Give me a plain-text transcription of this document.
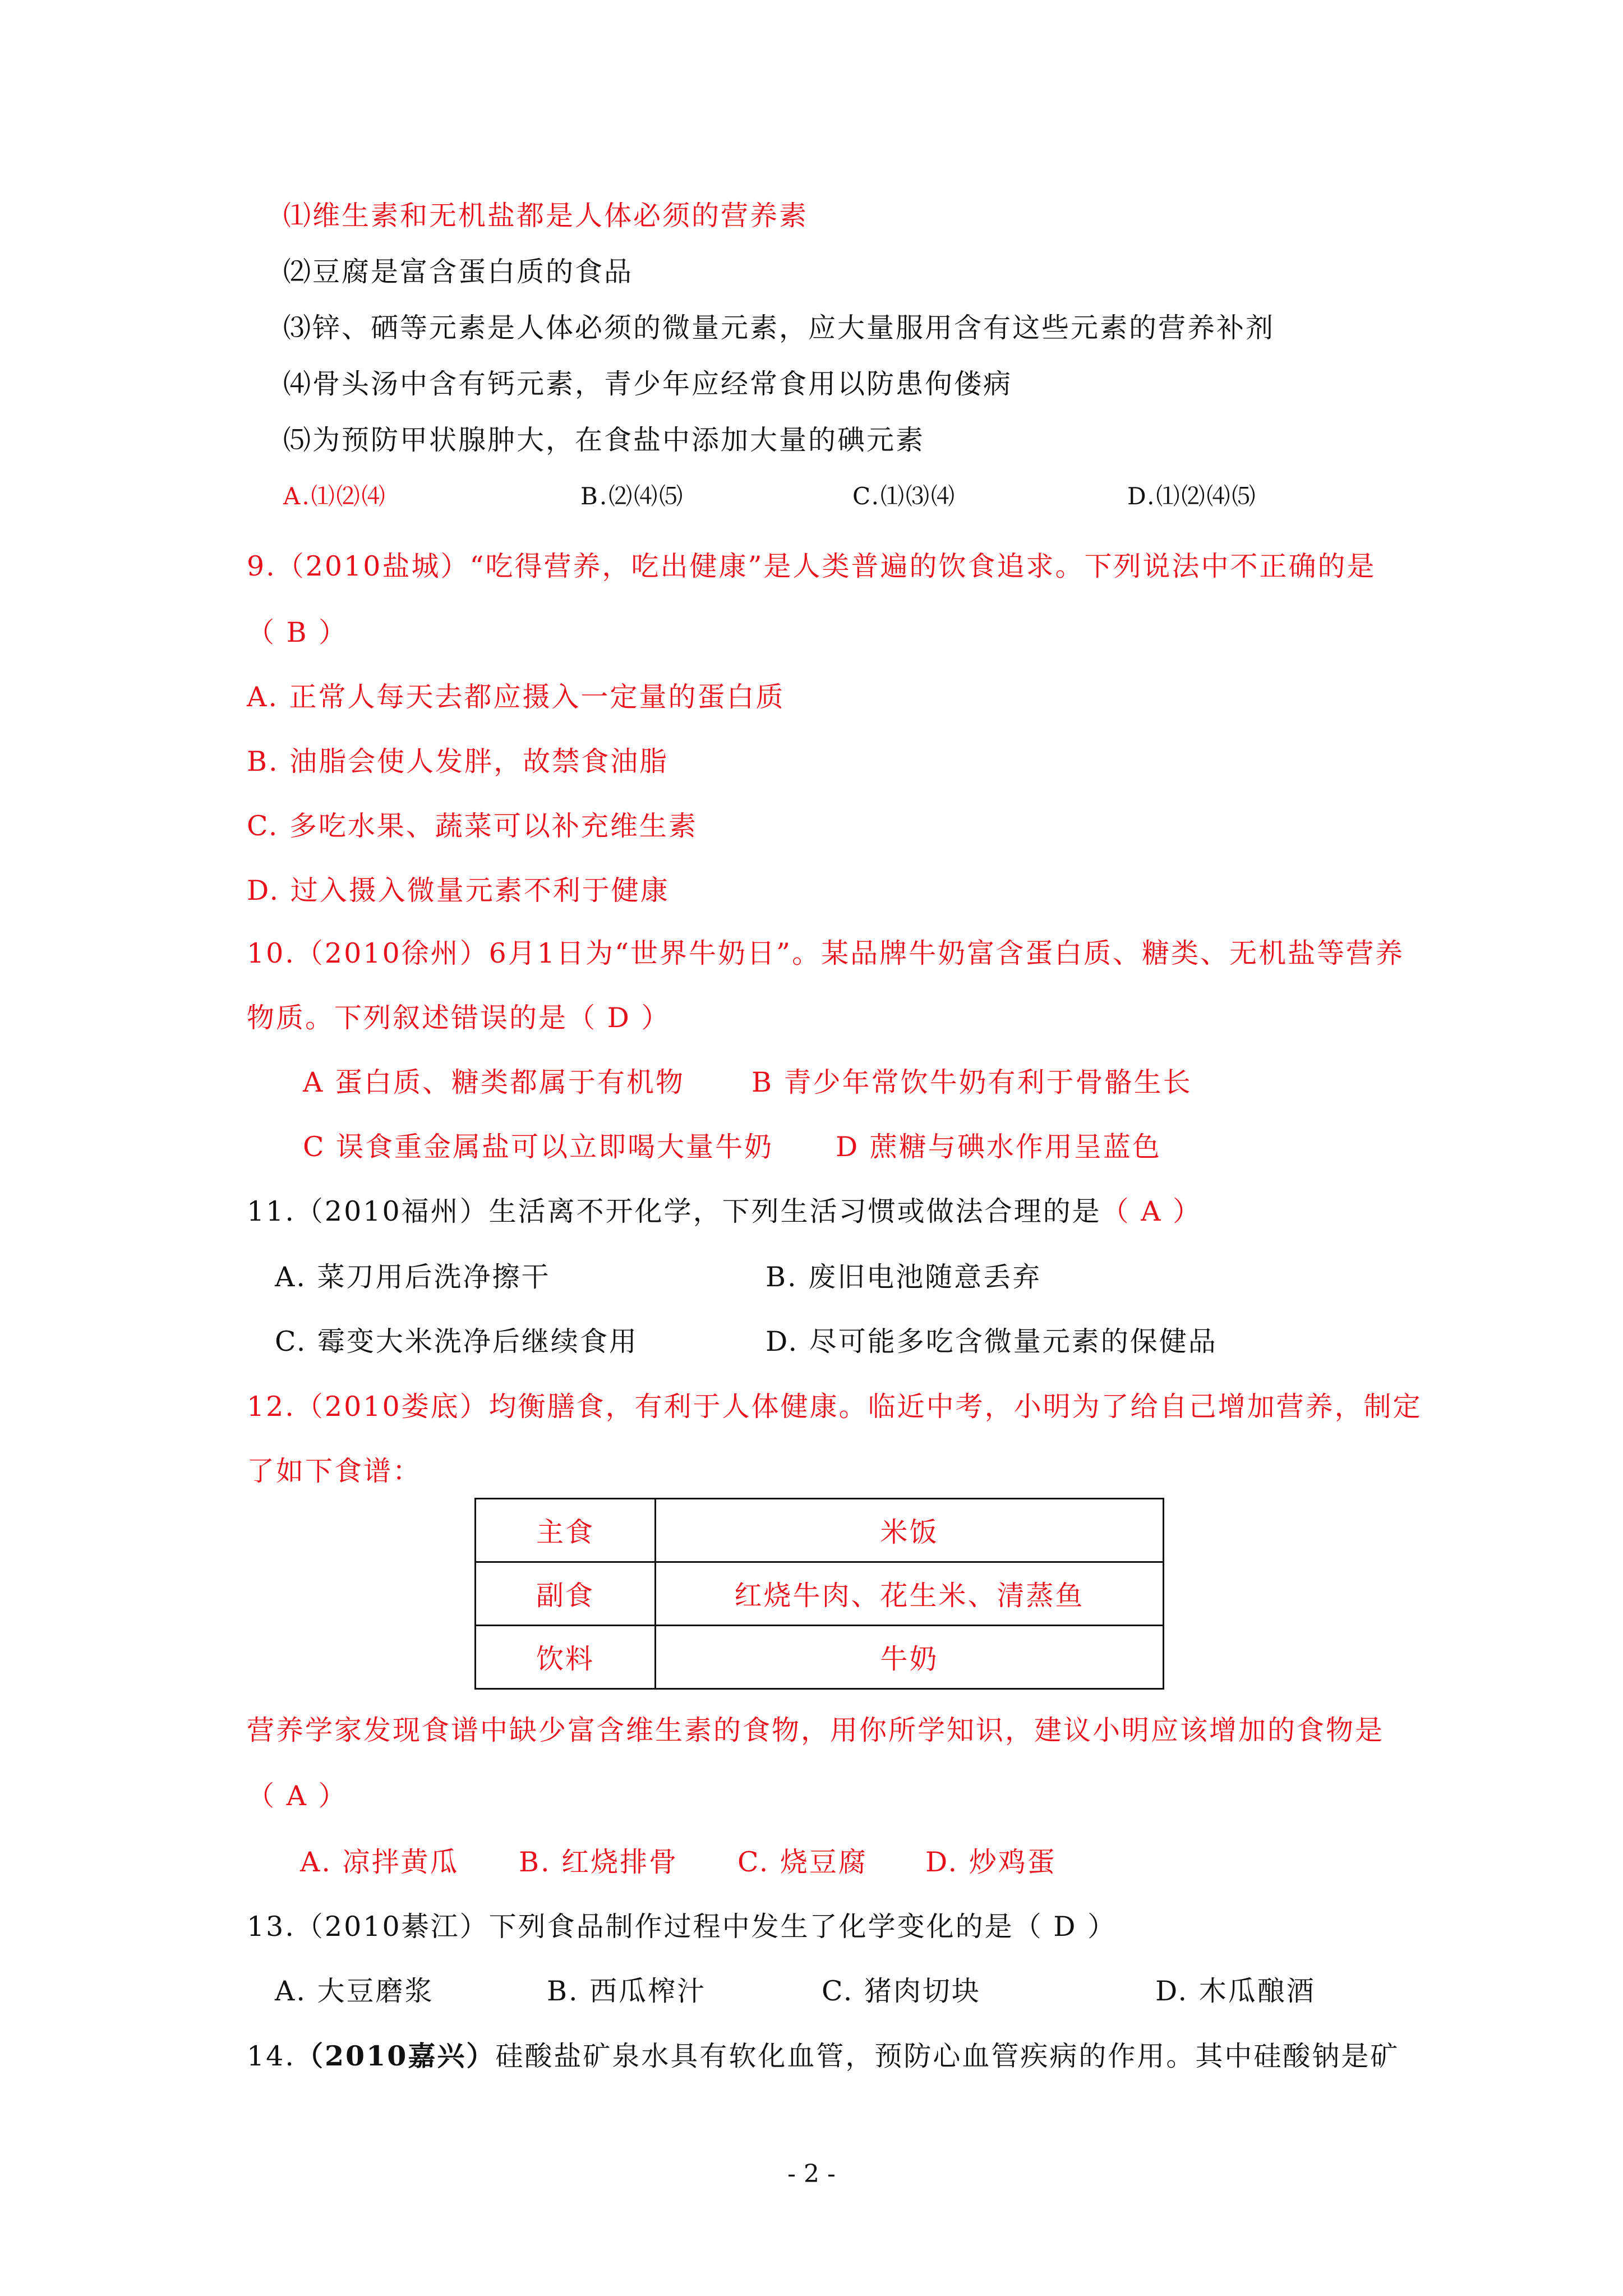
⑴维生素和无机盐都是人体必须的营养素
⑵豆腐是富含蛋白质的食品
⑶锌、硒等元素是人体必须的微量元素，应大量服用含有这些元素的营养补剂
⑷骨头汤中含有钙元素，青少年应经常食用以防患佝偻病
⑸为预防甲状腺肿大，在食盐中添加大量的碘元素
A.⑴⑵⑷	B.⑵⑷⑸	C.⑴⑶⑷	D.⑴⑵⑷⑸
9.（2010盐城）“吃得营养，吃出健康”是人类普遍的饮食追求。下列说法中不正确的是
（ B ）
A. 正常人每天去都应摄入一定量的蛋白质
B. 油脂会使人发胖，故禁食油脂
C. 多吃水果、蔬菜可以补充维生素
D. 过入摄入微量元素不利于健康
10.（2010徐州）6月1日为“世界牛奶日”。某品牌牛奶富含蛋白质、糖类、无机盐等营养
物质。下列叙述错误的是（ D ）
A 蛋白质、糖类都属于有机物 B 青少年常饮牛奶有利于骨骼生长
C 误食重金属盐可以立即喝大量牛奶 D 蔗糖与碘水作用呈蓝色
11.（2010福州）生活离不开化学，下列生活习惯或做法合理的是（ A ）
A. 菜刀用后洗净擦干	B. 废旧电池随意丢弃
C. 霉变大米洗净后继续食用	D. 尽可能多吃含微量元素的保健品
12.（2010娄底）均衡膳食，有利于人体健康。临近中考，小明为了给自己增加营养，制定
了如下食谱：
主食	米饭
副食	红烧牛肉、花生米、清蒸鱼
饮料	牛奶
营养学家发现食谱中缺少富含维生素的食物，用你所学知识，建议小明应该增加的食物是
（ A ）
A. 凉拌黄瓜 B. 红烧排骨 C. 烧豆腐 D. 炒鸡蛋
13.（2010綦江）下列食品制作过程中发生了化学变化的是（ D ）
A. 大豆磨浆	B. 西瓜榨汁	C. 猪肉切块	D. 木瓜酿酒
14.（2010嘉兴）硅酸盐矿泉水具有软化血管，预防心血管疾病的作用。其中硅酸钠是矿
- 2 -
